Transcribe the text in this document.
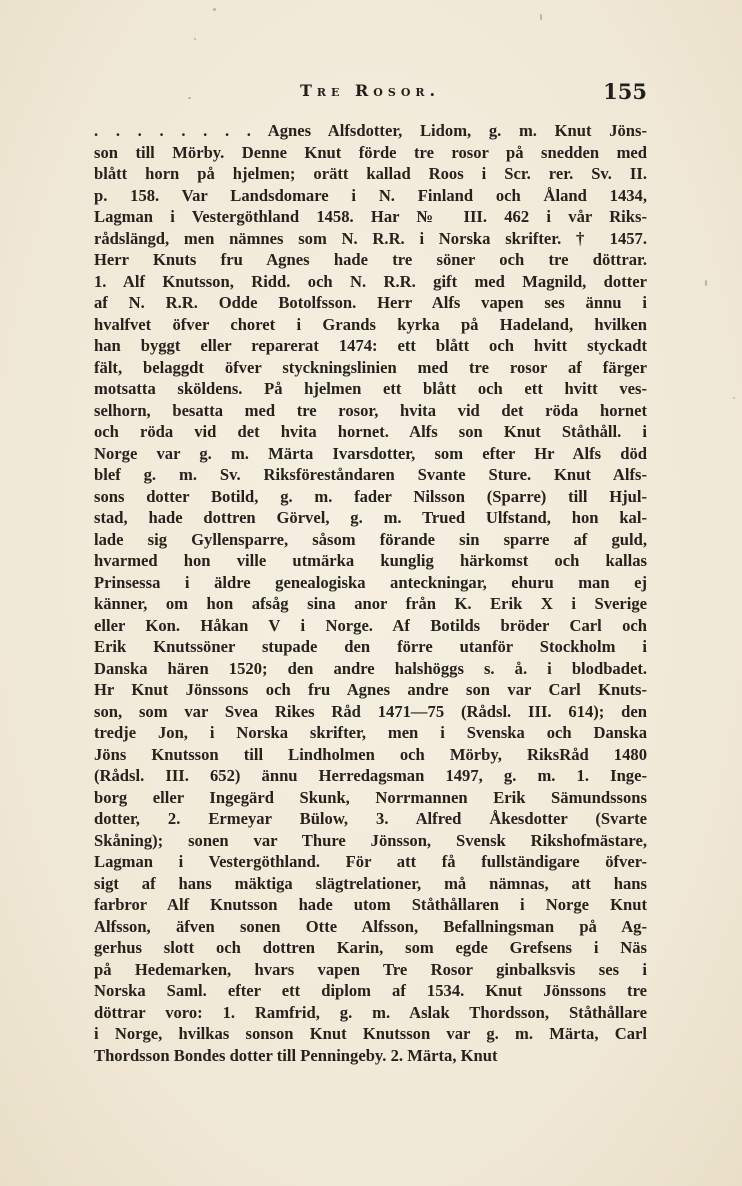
Tre Rosor.	155
. . . . . . . . Agnes Alfsdotter, Lidom, g. m. Knut Jöns-
son till Mörby. Denne Knut förde tre rosor på snedden med
blått horn på hjelmen; orätt kallad Roos i Scr. rer. Sv. II.
p. 158. Var Landsdomare i N. Finland och Åland 1434,
Lagman i Vestergöthland 1458. Har № III. 462 i vår Riks-
rådslängd, men nämnes som N. R.R. i Norska skrifter. † 1457.
Herr Knuts fru Agnes hade tre söner och tre döttrar.
1. Alf Knutsson, Ridd. och N. R.R. gift med Magnild, dotter
af N. R.R. Odde Botolfsson. Herr Alfs vapen ses ännu i
hvalfvet öfver choret i Grands kyrka på Hadeland, hvilken
han byggt eller reparerat 1474: ett blått och hvitt styckadt
fält, belaggdt öfver styckningslinien med tre rosor af färger
motsatta sköldens. På hjelmen ett blått och ett hvitt ves-
selhorn, besatta med tre rosor, hvita vid det röda hornet
och röda vid det hvita hornet. Alfs son Knut Ståthåll. i
Norge var g. m. Märta Ivarsdotter, som efter Hr Alfs död
blef g. m. Sv. Riksföreståndaren Svante Sture. Knut Alfs-
sons dotter Botild, g. m. fader Nilsson (Sparre) till Hjul-
stad, hade dottren Görvel, g. m. Trued Ulfstand, hon kal-
lade sig Gyllensparre, såsom förande sin sparre af guld,
hvarmed hon ville utmärka kunglig härkomst och kallas
Prinsessa i äldre genealogiska anteckningar, ehuru man ej
känner, om hon afsåg sina anor från K. Erik X i Sverige
eller Kon. Håkan V i Norge. Af Botilds bröder Carl och
Erik Knutssöner stupade den förre utanför Stockholm i
Danska hären 1520; den andre halshöggs s. å. i blodbadet.
Hr Knut Jönssons och fru Agnes andre son var Carl Knuts-
son, som var Svea Rikes Råd 1471—75 (Rådsl. III. 614); den
tredje Jon, i Norska skrifter, men i Svenska och Danska
Jöns Knutsson till Lindholmen och Mörby, RiksRåd 1480
(Rådsl. III. 652) ännu Herredagsman 1497, g. m. 1. Inge-
borg eller Ingegärd Skunk, Norrmannen Erik Sämundssons
dotter, 2. Ermeyar Bülow, 3. Alfred Åkesdotter (Svarte
Skåning); sonen var Thure Jönsson, Svensk Rikshofmästare,
Lagman i Vestergöthland. För att få fullständigare öfver-
sigt af hans mäktiga slägtrelationer, må nämnas, att hans
farbror Alf Knutsson hade utom Ståthållaren i Norge Knut
Alfsson, äfven sonen Otte Alfsson, Befallningsman på Ag-
gerhus slott och dottren Karin, som egde Grefsens i Näs
på Hedemarken, hvars vapen Tre Rosor ginbalksvis ses i
Norska Saml. efter ett diplom af 1534. Knut Jönssons tre
döttrar voro: 1. Ramfrid, g. m. Aslak Thordsson, Ståthållare
i Norge, hvilkas sonson Knut Knutsson var g. m. Märta, Carl
Thordsson Bondes dotter till Penningeby. 2. Märta, Knut
